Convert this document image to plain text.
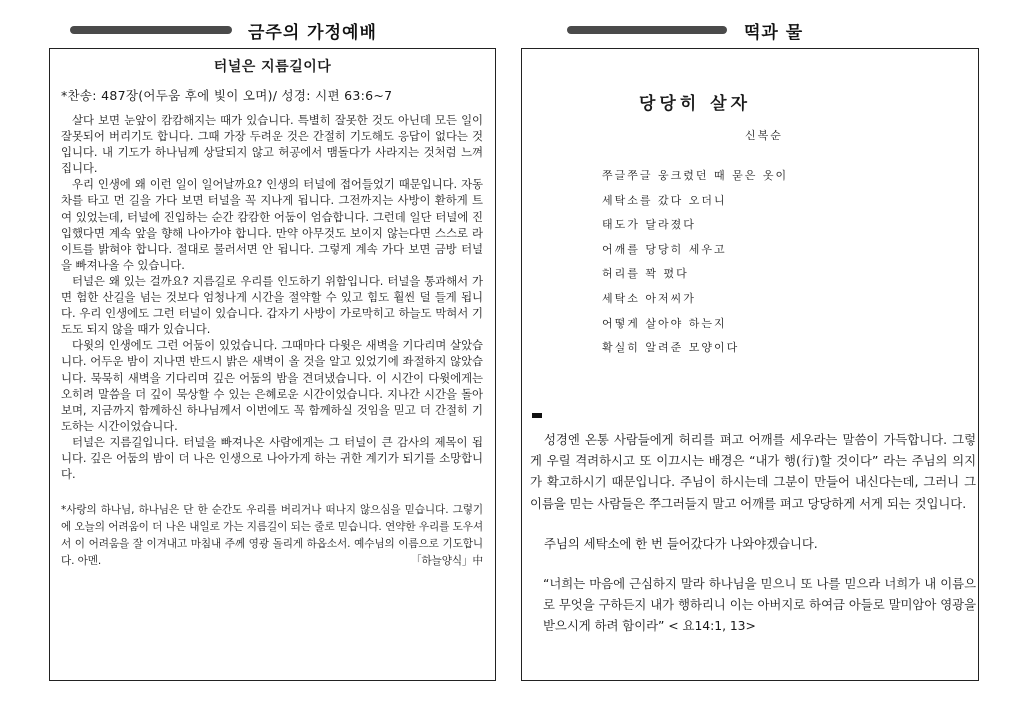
금주의 가정예배	떡과 물
터널은 지름길이다
*찬송: 487장(어두움 후에 빛이 오며)/ 성경: 시편 63:6~7

살다 보면 눈앞이 캄캄해지는 때가 있습니다. 특별히 잘못한 것도 아닌데 모든 일이 잘못되어 버리기도 합니다. 그때 가장 두려운 것은 간절히 기도해도 응답이 없다는 것입니다. 내 기도가 하나님께 상달되지 않고 허공에서 맴돌다가 사라지는 것처럼 느껴집니다.

우리 인생에 왜 이런 일이 일어날까요? 인생의 터널에 접어들었기 때문입니다. 자동차를 타고 먼 길을 가다 보면 터널을 꼭 지나게 됩니다. 그전까지는 사방이 환하게 트여 있었는데, 터널에 진입하는 순간 캄캄한 어둠이 엄습합니다. 그런데 일단 터널에 진입했다면 계속 앞을 향해 나아가야 합니다. 만약 아무것도 보이지 않는다면 스스로 라이트를 밝혀야 합니다. 절대로 물러서면 안 됩니다. 그렇게 계속 가다 보면 금방 터널을 빠져나올 수 있습니다.

터널은 왜 있는 걸까요? 지름길로 우리를 인도하기 위함입니다. 터널을 통과해서 가면 험한 산길을 넘는 것보다 엄청나게 시간을 절약할 수 있고 힘도 훨씬 덜 들게 됩니다. 우리 인생에도 그런 터널이 있습니다. 갑자기 사방이 가로막히고 하늘도 막혀서 기도도 되지 않을 때가 있습니다.

다윗의 인생에도 그런 어둠이 있었습니다. 그때마다 다윗은 새벽을 기다리며 살았습니다. 어두운 밤이 지나면 반드시 밝은 새벽이 올 것을 알고 있었기에 좌절하지 않았습니다. 묵묵히 새벽을 기다리며 깊은 어둠의 밤을 견뎌냈습니다. 이 시간이 다윗에게는 오히려 말씀을 더 깊이 묵상할 수 있는 은혜로운 시간이었습니다. 지나간 시간을 돌아보며, 지금까지 함께하신 하나님께서 이번에도 꼭 함께하실 것임을 믿고 더 간절히 기도하는 시간이었습니다.

터널은 지름길입니다. 터널을 빠져나온 사람에게는 그 터널이 큰 감사의 제목이 됩니다. 깊은 어둠의 밤이 더 나은 인생으로 나아가게 하는 귀한 계기가 되기를 소망합니다.

*사랑의 하나님, 하나님은 단 한 순간도 우리를 버리거나 떠나지 않으심을 믿습니다. 그렇기에 오늘의 어려움이 더 나은 내일로 가는 지름길이 되는 줄로 믿습니다. 연약한 우리를 도우셔서 이 어려움을 잘 이겨내고 마침내 주께 영광 돌리게 하옵소서. 예수님의 이름으로 기도합니다. 아멘.	「하늘양식」中
당당히 살자
신복순
쭈글쭈글 웅크렸던 때 묻은 옷이
세탁소를 갔다 오더니
태도가 달라졌다
어깨를 당당히 세우고
허리를 꽉 폈다
세탁소 아저씨가
어떻게 살아야 하는지
확실히 알려준 모양이다

성경엔 온통 사람들에게 허리를 펴고 어깨를 세우라는 말씀이 가득합니다. 그렇게 우릴 격려하시고 또 이끄시는 배경은 “내가 행(行)할 것이다” 라는 주님의 의지가 확고하시기 때문입니다. 주님이 하시는데 그분이 만들어 내신다는데, 그러니 그 이름을 믿는 사람들은 쭈그러들지 말고 어깨를 펴고 당당하게 서게 되는 것입니다.

주님의 세탁소에 한 번 들어갔다가 나와야겠습니다.

“너희는 마음에 근심하지 말라 하나님을 믿으니 또 나를 믿으라 너희가 내 이름으로 무엇을 구하든지 내가 행하리니 이는 아버지로 하여금 아들로 말미암아 영광을 받으시게 하려 함이라” < 요14:1, 13>
